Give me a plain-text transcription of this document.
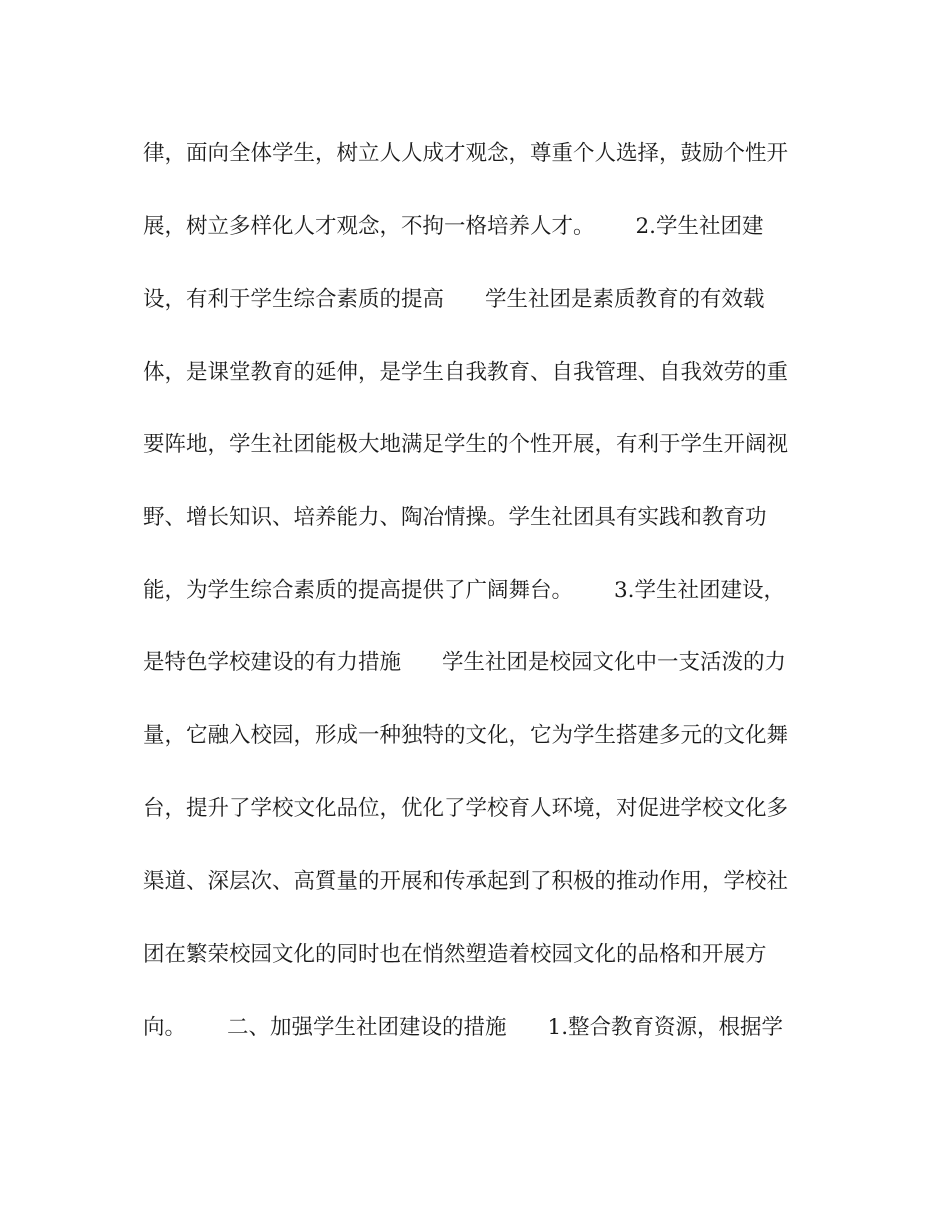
律，面向全体学生，树立人人成才观念，尊重个人选择，鼓励个性开
展，树立多样化人才观念，不拘一格培养人才。      2.学生社团建
设，有利于学生综合素质的提高      学生社团是素质教育的有效载
体，是课堂教育的延伸，是学生自我教育、自我管理、自我效劳的重
要阵地，学生社团能极大地满足学生的个性开展，有利于学生开阔视
野、增长知识、培养能力、陶冶情操。学生社团具有实践和教育功
能，为学生综合素质的提高提供了广阔舞台。      3.学生社团建设，
是特色学校建设的有力措施      学生社团是校园文化中一支活泼的力
量，它融入校园，形成一种独特的文化，它为学生搭建多元的文化舞
台，提升了学校文化品位，优化了学校育人环境，对促进学校文化多
渠道、深层次、高質量的开展和传承起到了积极的推动作用，学校社
团在繁荣校园文化的同时也在悄然塑造着校园文化的品格和开展方
向。      二、加强学生社团建设的措施      1.整合教育资源，根据学
